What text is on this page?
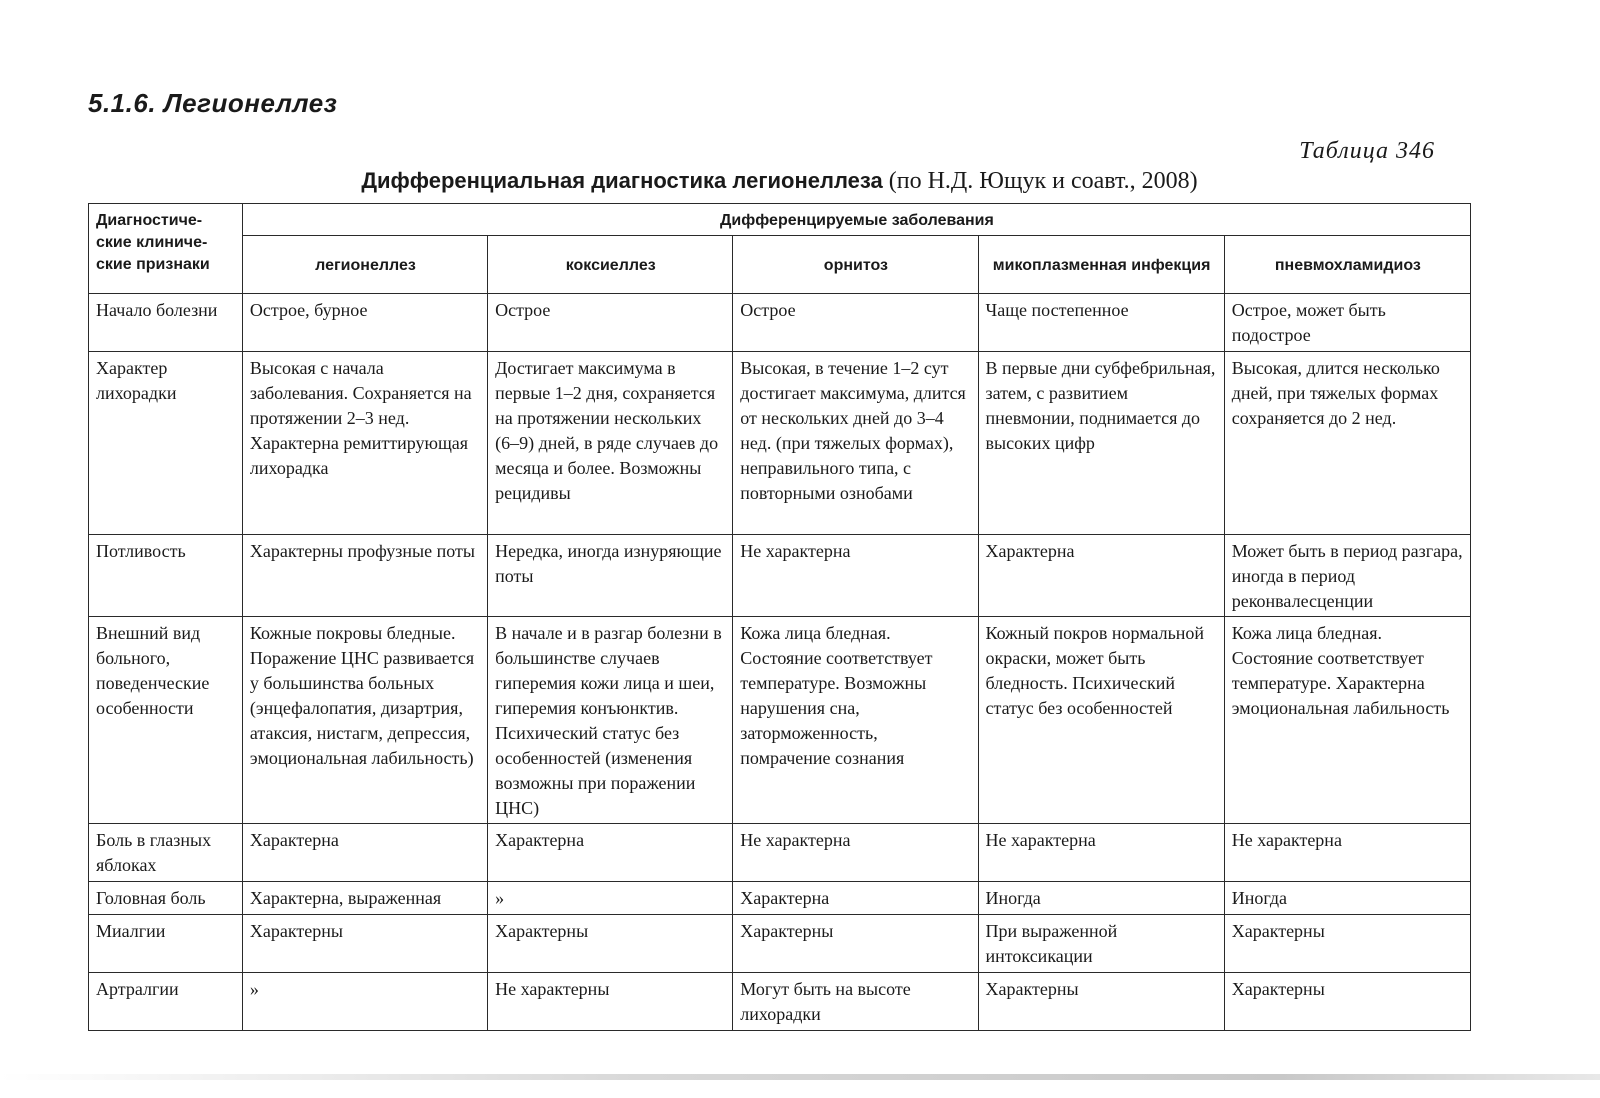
5.1.6. Легионеллез
Таблица 346
Дифференциальная диагностика легионеллеза (по Н.Д. Ющук и соавт., 2008)
Диагностиче-ские клиниче-ские признаки	Дифференцируемые заболевания				
	легионеллез	коксиеллез	орнитоз	микоплазменная инфекция	пневмохламидиоз
Начало болезни	Острое, бурное	Острое	Острое	Чаще постепенное	Острое, может быть подострое
Характер лихорадки	Высокая с начала заболевания. Сохраняется на протяжении 2–3 нед. Характерна ремиттирующая лихорадка	Достигает максимума в первые 1–2 дня, сохраняется на протяжении нескольких (6–9) дней, в ряде случаев до месяца и более. Возможны рецидивы	Высокая, в течение 1–2 сут достигает максимума, длится от нескольких дней до 3–4 нед. (при тяжелых формах), неправильного типа, с повторными ознобами	В первые дни субфебрильная, затем, с развитием пневмонии, поднимается до высоких цифр	Высокая, длится несколько дней, при тяжелых формах сохраняется до 2 нед.
Потливость	Характерны профузные поты	Нередка, иногда изнуряющие поты	Не характерна	Характерна	Может быть в период разгара, иногда в период реконвалесценции
Внешний вид больного, поведенческие особенности	Кожные покровы бледные. Поражение ЦНС развивается у большинства больных (энцефалопатия, дизартрия, атаксия, нистагм, депрессия, эмоциональная лабильность)	В начале и в разгар болезни в большинстве случаев гиперемия кожи лица и шеи, гиперемия конъюнктив. Психический статус без особенностей (изменения возможны при поражении ЦНС)	Кожа лица бледная. Состояние соответствует температуре. Возможны нарушения сна, заторможенность, помрачение сознания	Кожный покров нормальной окраски, может быть бледность. Психический статус без особенностей	Кожа лица бледная. Состояние соответствует температуре. Характерна эмоциональная лабильность
Боль в глазных яблоках	Характерна	Характерна	Не характерна	Не характерна	Не характерна
Головная боль	Характерна, выраженная	»	Характерна	Иногда	Иногда
Миалгии	Характерны	Характерны	Характерны	При выраженной интоксикации	Характерны
Артралгии	»	Не характерны	Могут быть на высоте лихорадки	Характерны	Характерны
